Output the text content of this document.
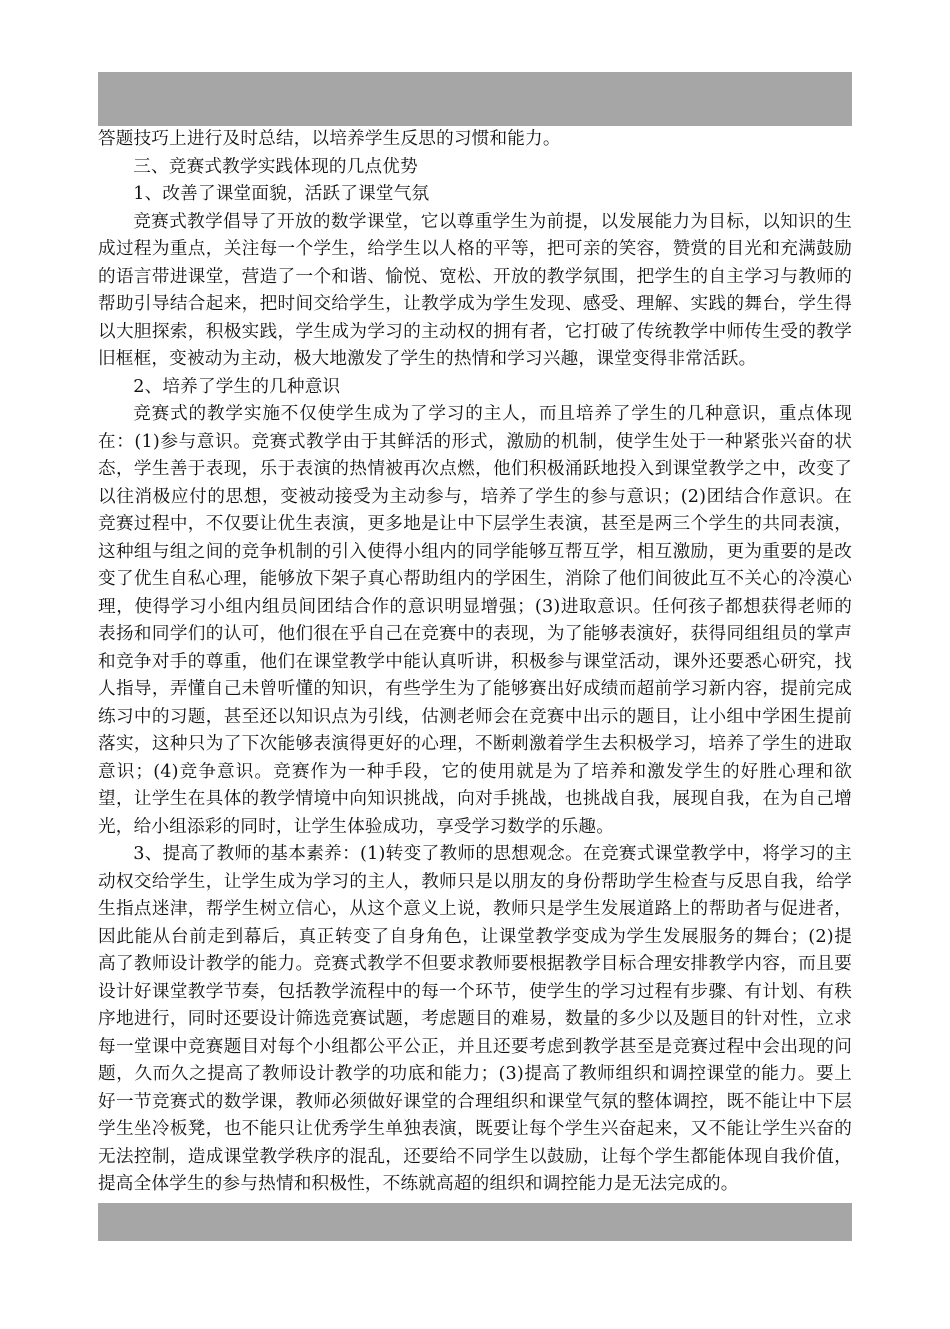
答题技巧上进行及时总结，以培养学生反思的习惯和能力。

三、竞赛式教学实践体现的几点优势

1、改善了课堂面貌，活跃了课堂气氛

竞赛式教学倡导了开放的数学课堂，它以尊重学生为前提，以发展能力为目标，以知识的生成过程为重点，关注每一个学生，给学生以人格的平等，把可亲的笑容，赞赏的目光和充满鼓励的语言带进课堂，营造了一个和谐、愉悦、宽松、开放的教学氛围，把学生的自主学习与教师的帮助引导结合起来，把时间交给学生，让教学成为学生发现、感受、理解、实践的舞台，学生得以大胆探索，积极实践，学生成为学习的主动权的拥有者，它打破了传统教学中师传生受的教学旧框框，变被动为主动，极大地激发了学生的热情和学习兴趣，课堂变得非常活跃。

2、培养了学生的几种意识

竞赛式的教学实施不仅使学生成为了学习的主人，而且培养了学生的几种意识，重点体现在：(1)参与意识。竞赛式教学由于其鲜活的形式，激励的机制，使学生处于一种紧张兴奋的状态，学生善于表现，乐于表演的热情被再次点燃，他们积极涌跃地投入到课堂教学之中，改变了以往消极应付的思想，变被动接受为主动参与，培养了学生的参与意识；(2)团结合作意识。在竞赛过程中，不仅要让优生表演，更多地是让中下层学生表演，甚至是两三个学生的共同表演，这种组与组之间的竞争机制的引入使得小组内的同学能够互帮互学，相互激励，更为重要的是改变了优生自私心理，能够放下架子真心帮助组内的学困生，消除了他们间彼此互不关心的冷漠心理，使得学习小组内组员间团结合作的意识明显增强；(3)进取意识。任何孩子都想获得老师的表扬和同学们的认可，他们很在乎自己在竞赛中的表现，为了能够表演好，获得同组组员的掌声和竞争对手的尊重，他们在课堂教学中能认真听讲，积极参与课堂活动，课外还要悉心研究，找人指导，弄懂自己未曾听懂的知识，有些学生为了能够赛出好成绩而超前学习新内容，提前完成练习中的习题，甚至还以知识点为引线，估测老师会在竞赛中出示的题目，让小组中学困生提前落实，这种只为了下次能够表演得更好的心理，不断刺激着学生去积极学习，培养了学生的进取意识；(4)竞争意识。竞赛作为一种手段，它的使用就是为了培养和激发学生的好胜心理和欲望，让学生在具体的教学情境中向知识挑战，向对手挑战，也挑战自我，展现自我，在为自己增光，给小组添彩的同时，让学生体验成功，享受学习数学的乐趣。

3、提高了教师的基本素养：(1)转变了教师的思想观念。在竞赛式课堂教学中，将学习的主动权交给学生，让学生成为学习的主人，教师只是以朋友的身份帮助学生检查与反思自我，给学生指点迷津，帮学生树立信心，从这个意义上说，教师只是学生发展道路上的帮助者与促进者，因此能从台前走到幕后，真正转变了自身角色，让课堂教学变成为学生发展服务的舞台；(2)提高了教师设计教学的能力。竞赛式教学不但要求教师要根据教学目标合理安排教学内容，而且要设计好课堂教学节奏，包括教学流程中的每一个环节，使学生的学习过程有步骤、有计划、有秩序地进行，同时还要设计筛选竞赛试题，考虑题目的难易，数量的多少以及题目的针对性，立求每一堂课中竞赛题目对每个小组都公平公正，并且还要考虑到教学甚至是竞赛过程中会出现的问题，久而久之提高了教师设计教学的功底和能力；(3)提高了教师组织和调控课堂的能力。要上好一节竞赛式的数学课，教师必须做好课堂的合理组织和课堂气氛的整体调控，既不能让中下层学生坐冷板凳，也不能只让优秀学生单独表演，既要让每个学生兴奋起来，又不能让学生兴奋的无法控制，造成课堂教学秩序的混乱，还要给不同学生以鼓励，让每个学生都能体现自我价值，提高全体学生的参与热情和积极性，不练就高超的组织和调控能力是无法完成的。
